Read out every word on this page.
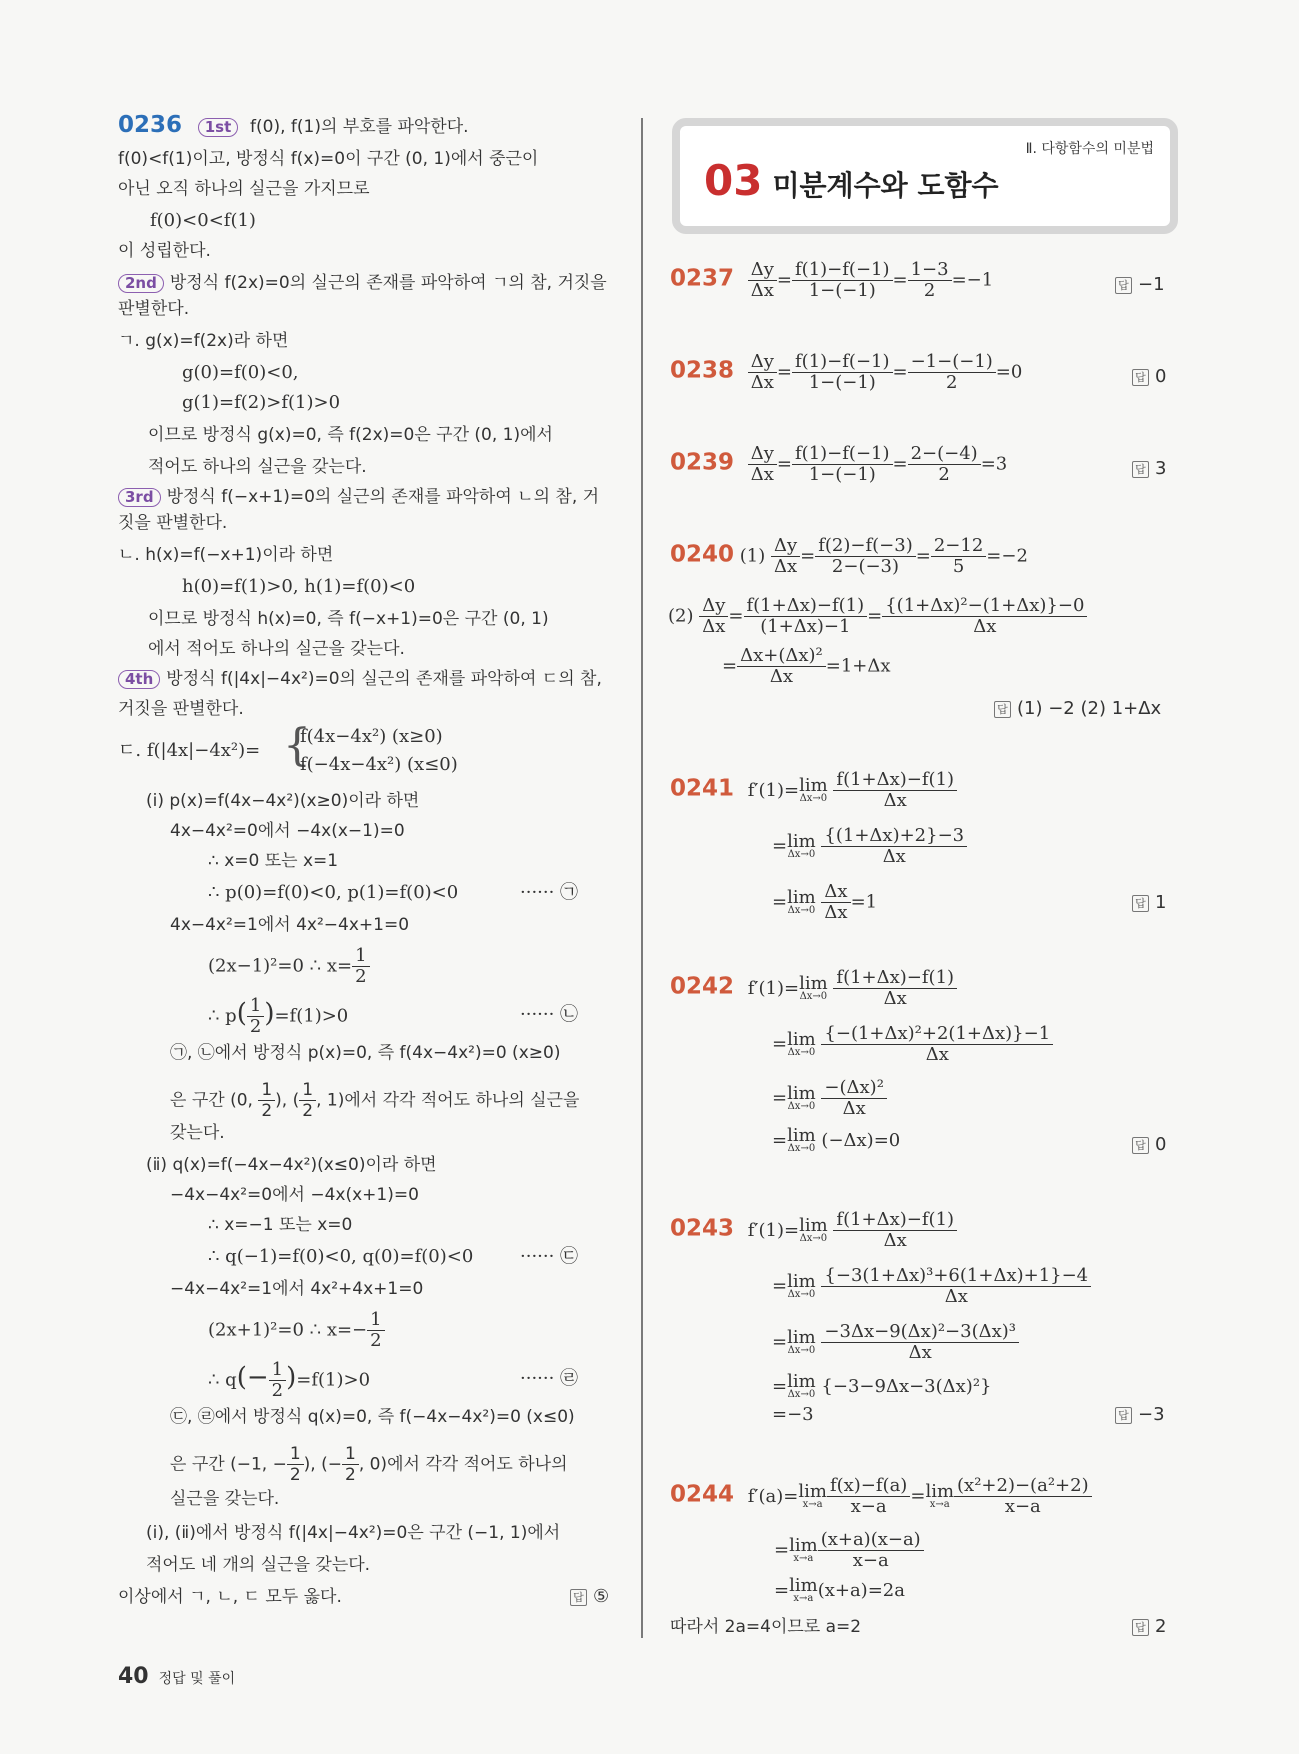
0236 1st f(0), f(1)의 부호를 파악한다.
f(0)<f(1)이고, 방정식 f(x)=0이 구간 (0, 1)에서 중근이
아닌 오직 하나의 실근을 가지므로
f(0)<0<f(1)
이 성립한다.
2nd 방정식 f(2x)=0의 실근의 존재를 파악하여 ㄱ의 참, 거짓을
판별한다.
ㄱ. g(x)=f(2x)라 하면
g(0)=f(0)<0,
g(1)=f(2)>f(1)>0
이므로 방정식 g(x)=0, 즉 f(2x)=0은 구간 (0, 1)에서
적어도 하나의 실근을 갖는다.
3rd 방정식 f(−x+1)=0의 실근의 존재를 파악하여 ㄴ의 참, 거
짓을 판별한다.
ㄴ. h(x)=f(−x+1)이라 하면
h(0)=f(1)>0, h(1)=f(0)<0
이므로 방정식 h(x)=0, 즉 f(−x+1)=0은 구간 (0, 1)
에서 적어도 하나의 실근을 갖는다.
4th 방정식 f(|4x|−4x²)=0의 실근의 존재를 파악하여 ㄷ의 참,
거짓을 판별한다.
ㄷ. f(|4x|−4x²)= {
f(4x−4x²) (x≥0)
f(−4x−4x²) (x≤0)
(ⅰ) p(x)=f(4x−4x²)(x≥0)이라 하면
4x−4x²=0에서 −4x(x−1)=0
∴ x=0 또는 x=1
∴ p(0)=f(0)<0, p(1)=f(0)<0	······ ㉠
4x−4x²=1에서 4x²−4x+1=0
(2x−1)²=0 ∴ $x= \frac{1}{2}$
∴ $p( \frac{1}{2} )=f(1)>0$	······ ㉡
㉠, ㉡에서 방정식 p(x)=0, 즉 f(4x−4x²)=0 (x≥0)
은 구간 (0, $\frac{1}{2}$ ), ( $\frac{1}{2}$ , 1)에서 각각 적어도 하나의 실근을
갖는다.
(ⅱ) q(x)=f(−4x−4x²)(x≤0)이라 하면
−4x−4x²=0에서 −4x(x+1)=0
∴ x=−1 또는 x=0
∴ q(−1)=f(0)<0, q(0)=f(0)<0	······ ㉢
−4x−4x²=1에서 4x²+4x+1=0
(2x+1)²=0 ∴ $x=- \frac{1}{2}$
∴ $q(- \frac{1}{2} )=f(1)>0$	······ ㉣
㉢, ㉣에서 방정식 q(x)=0, 즉 f(−4x−4x²)=0 (x≤0)
은 구간 (−1, − $\frac{1}{2}$ ), (− $\frac{1}{2}$ , 0)에서 각각 적어도 하나의
실근을 갖는다.
(ⅰ), (ⅱ)에서 방정식 f(|4x|−4x²)=0은 구간 (−1, 1)에서
적어도 네 개의 실근을 갖는다.
이상에서 ㄱ, ㄴ, ㄷ 모두 옳다.	답 ⑤
Ⅱ. 다항함수의 미분법
03 미분계수와 도함수
$0237 \frac{\Delta y}{\Delta x} = \frac{f(1)-f(-1)}{1-(-1)} = \frac{1-3}{2} =-1$	답 −1
$0238 \frac{\Delta y}{\Delta x} = \frac{f(1)-f(-1)}{1-(-1)} = \frac{-1-(-1)}{2} =0$	답 0
$0239 \frac{\Delta y}{\Delta x} = \frac{f(1)-f(-1)}{1-(-1)} = \frac{2-(-4)}{2} =3$	답 3
0240 $(1) \frac{\Delta y}{\Delta x} = \frac{f(2)-f(-3)}{2-(-3)} = \frac{2-12}{5} =-2$
$(2) \frac{\Delta y}{\Delta x} = \frac{f(1+\Delta x)-f(1)}{(1+\Delta x)-1} = \frac{\text{\{(1+Δx)²−(1+Δx)\}−0}}{\Delta x}$
= $\frac{\text{Δx+(Δx)²}}{\Delta x} =1+\Delta x$
답 (1) −2 (2) 1+Δx
0241 f′(1)=lim
Δx→0
$\frac{f(1+\Delta x)-f(1)}{\Delta x}$
=lim
Δx→0
$\frac{\{(1+\Delta x)+2\}-3}{\Delta x}$
=lim
Δx→0
$\frac{\Delta x}{\Delta x} =1$	답 1
0242 f′(1)=lim
Δx→0
$\frac{f(1+\Delta x)-f(1)}{\Delta x}$
=lim
Δx→0
$\frac{\text{\{−(1+Δx)²+2(1+Δx)\}−1}}{\Delta x}$
=lim
Δx→0
$\frac{\text{−(Δx)²}}{\Delta x}$
=lim
Δx→0 (−Δx)=0	답 0
0243 f′(1)=lim
Δx→0
$\frac{f(1+\Delta x)-f(1)}{\Delta x}$
=lim
Δx→0
$\frac{\text{\{−3(1+Δx)³+6(1+Δx)+1\}−4}}{\Delta x}$
=lim
Δx→0
$\frac{\text{−3Δx−9(Δx)²−3(Δx)³}}{\Delta x}$
=lim
Δx→0 {−3−9Δx−3(Δx)²}
=−3	답 −3
0244 f′(a)=lim
$x\to a \frac{f(x)-f(a)}{x-a} =\lim$
$x\to a \frac{\text{(x²+2)−(a²+2)}}{x-a}$
=lim
$x\to a \frac{(x+a)(x-a)}{x-a}$
=lim
x→a (x+a)=2a
따라서 2a=4이므로 a=2	답 2
40 정답 및 풀이
